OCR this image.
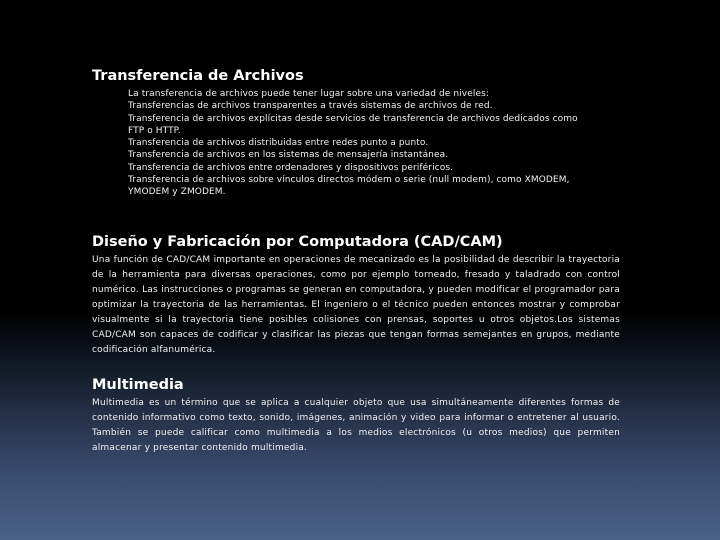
Transferencia de Archivos
La transferencia de archivos puede tener lugar sobre una variedad de niveles:
Transferencias de archivos transparentes a través sistemas de archivos de red.
Transferencia de archivos explícitas desde servicios de transferencia de archivos dedicados como
FTP o HTTP.
Transferencia de archivos distribuidas entre redes punto a punto.
Transferencia de archivos en los sistemas de mensajería instantánea.
Transferencia de archivos entre ordenadores y dispositivos periféricos.
Transferencia de archivos sobre vínculos directos módem o serie (null modem), como XMODEM,
YMODEM y ZMODEM.
Diseño y Fabricación por Computadora (CAD/CAM)

Una función de CAD/CAM importante en operaciones de mecanizado es la posibilidad de describir la trayectoria de la herramienta para diversas operaciones, como por ejemplo torneado, fresado y taladrado con control numérico. Las instrucciones o programas se generan en computadora, y pueden modificar el programador para optimizar la trayectoria de las herramientas. El ingeniero o el técnico pueden entonces mostrar y comprobar visualmente si la trayectoria tiene posibles colisiones con prensas, soportes u otros objetos.Los sistemas CAD/CAM son capaces de codificar y clasificar las piezas que tengan formas semejantes en grupos, mediante codificación alfanumérica.

Multimedia

Multimedia es un término que se aplica a cualquier objeto que usa simultáneamente diferentes formas de contenido informativo como texto, sonido, imágenes, animación y video para informar o entretener al usuario. También se puede calificar como multimedia a los medios electrónicos (u otros medios) que permiten almacenar y presentar contenido multimedia.
